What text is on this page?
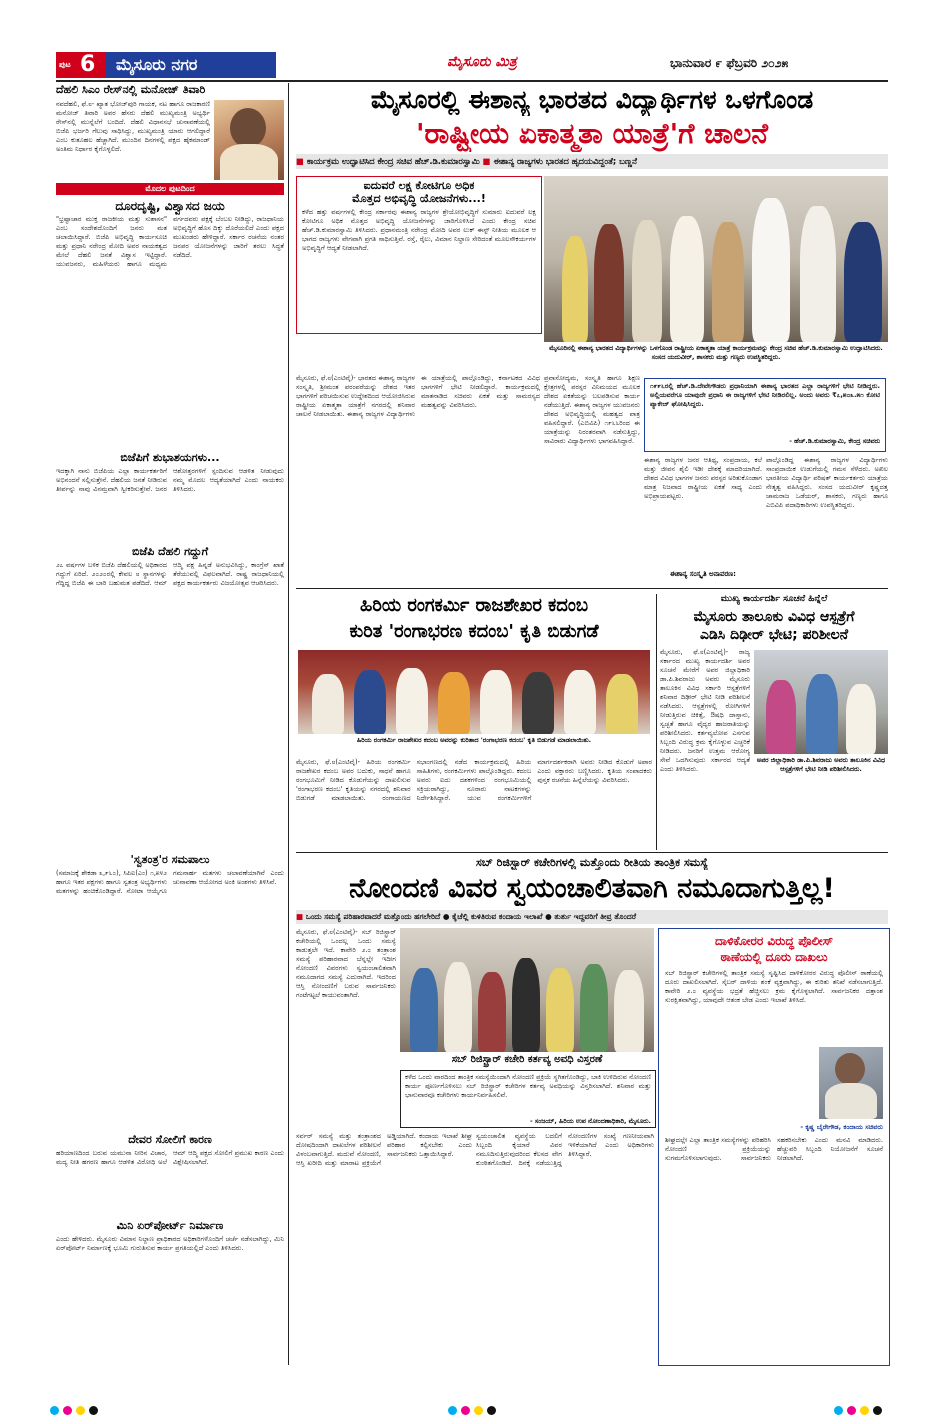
ಪುಟ 6 ಮೈಸೂರು ನಗರ	ಮೈಸೂರು ಮಿತ್ರ	ಭಾನುವಾರ ೯ ಫೆಬ್ರವರಿ ೨೦೨೫
ದೆಹಲಿ ಸಿಎಂ ರೇಸ್‌ನಲ್ಲಿ ಮನೋಜ್ ತಿವಾರಿ
ನವದೆಹಲಿ, ಫೆ.೮- ಖ್ಯಾತ ಭೋಜ್‌ಪುರಿ ಗಾಯಕ, ನಟ ಹಾಗೂ ರಾಜಕಾರಣಿ ಮನೋಜ್ ತಿವಾರಿ ಅವರ ಹೆಸರು ದೆಹಲಿ ಮುಖ್ಯಮಂತ್ರಿ ಅಭ್ಯರ್ಥಿ ರೇಸ್‌ನಲ್ಲಿ ಮುನ್ನೆಲೆಗೆ ಬಂದಿದೆ. ದೆಹಲಿ ವಿಧಾನಸಭೆ ಚುನಾವಣೆಯಲ್ಲಿ ಬಿಜೆಪಿ ಭರ್ಜರಿ ಗೆಲುವು ಸಾಧಿಸಿದ್ದು, ಮುಖ್ಯಮಂತ್ರಿ ಯಾರು ಆಗಲಿದ್ದಾರೆ ಎಂಬ ಕುತೂಹಲ ಹೆಚ್ಚಾಗಿದೆ. ಮುಂದಿನ ದಿನಗಳಲ್ಲಿ ಪಕ್ಷದ ಹೈಕಮಾಂಡ್ ಅಂತಿಮ ನಿರ್ಧಾರ ಕೈಗೊಳ್ಳಲಿದೆ.
ಮೊದಲ ಪುಟದಿಂದ
ದೂರದೃಷ್ಟಿ, ವಿಶ್ವಾಸದ ಜಯ
"ಭ್ರಷ್ಟಾಚಾರ ಮುಕ್ತ ರಾಜಕೀಯ ಮತ್ತು ಸುಶಾಸನ" ಎಂಬ ಸಂದೇಶದೊಂದಿಗೆ ಜನರು ಮತ ಚಲಾಯಿಸಿದ್ದಾರೆ. ಬಿಜೆಪಿ ಅಭಿವೃದ್ಧಿ ಕಾರ್ಯಸೂಚಿ ಮತ್ತು ಪ್ರಧಾನಿ ನರೇಂದ್ರ ಮೋದಿ ಅವರ ನಾಯಕತ್ವದ ಮೇಲೆ ದೆಹಲಿ ಜನತೆ ವಿಶ್ವಾಸ ಇಟ್ಟಿದ್ದಾರೆ. ಯುವಜನರು, ಮಹಿಳೆಯರು ಹಾಗೂ ಮಧ್ಯಮ ವರ್ಗದವರು ಪಕ್ಷಕ್ಕೆ ಬೆಂಬಲ ನೀಡಿದ್ದು, ರಾಜಧಾನಿಯ ಅಭಿವೃದ್ಧಿಗೆ ಹೊಸ ದಿಕ್ಕು ದೊರೆಯಲಿದೆ ಎಂದು ಪಕ್ಷದ ಮುಖಂಡರು ಹೇಳಿದ್ದಾರೆ. ಸರ್ಕಾರ ರಚನೆಯ ನಂತರ ಜನಪರ ಯೋಜನೆಗಳನ್ನು ಜಾರಿಗೆ ತರಲು ಸಿದ್ಧತೆ ನಡೆದಿದೆ.
ಬಿಜೆಪಿಗೆ ಶುಭಾಶಯಗಳು...
ಇದಕ್ಕಾಗಿ ನಾನು ಬಿಜೆಪಿಯ ಎಲ್ಲಾ ಕಾರ್ಯಕರ್ತರಿಗೆ ಅಭಿನಂದನೆ ಸಲ್ಲಿಸುತ್ತೇನೆ. ದೆಹಲಿಯ ಜನತೆ ನೀಡಿರುವ ತೀರ್ಪನ್ನು ನಾವು ವಿನಮ್ರವಾಗಿ ಸ್ವೀಕರಿಸುತ್ತೇವೆ. ಜನರ ಆಶೋತ್ತರಗಳಿಗೆ ಸ್ಪಂದಿಸುವ ಆಡಳಿತ ನೀಡುವುದು ನಮ್ಮ ಮೊದಲ ಆದ್ಯತೆಯಾಗಿದೆ ಎಂದು ನಾಯಕರು ತಿಳಿಸಿದರು.
ಬಿಜೆಪಿ ದೆಹಲಿ ಗದ್ದುಗೆ
೨೭ ವರ್ಷಗಳ ಬಳಿಕ ಬಿಜೆಪಿ ದೆಹಲಿಯಲ್ಲಿ ಅಧಿಕಾರದ ಗದ್ದುಗೆ ಏರಿದೆ. ೨೦೨೦ರಲ್ಲಿ ಕೇವಲ ೮ ಸ್ಥಾನಗಳನ್ನು ಗೆದ್ದಿದ್ದ ಬಿಜೆಪಿ ಈ ಬಾರಿ ಬಹುಮತ ಪಡೆದಿದೆ. ಆಮ್ ಆದ್ಮಿ ಪಕ್ಷ ಹಿನ್ನಡೆ ಅನುಭವಿಸಿದ್ದು, ಕಾಂಗ್ರೆಸ್ ಖಾತೆ ತೆರೆಯುವಲ್ಲಿ ವಿಫಲವಾಗಿದೆ. ರಾಷ್ಟ್ರ ರಾಜಧಾನಿಯಲ್ಲಿ ಪಕ್ಷದ ಕಾರ್ಯಕರ್ತರು ವಿಜಯೋತ್ಸವ ಆಚರಿಸಿದರು.
'ಸ್ವತಂತ್ರ'ರ ಸಮಪಾಲು
(ಸಮಾಜಕ್ಕೆ ಶೇಕಡಾ ೩,೯೬೦), ಸಿಪಿಐ(ಎಂ) ೧,೫೪೨ ಹಾಗೂ ಇತರ ಪಕ್ಷಗಳು ಹಾಗೂ ಸ್ವತಂತ್ರ ಅಭ್ಯರ್ಥಿಗಳು ಮತಗಳನ್ನು ಹಂಚಿಕೊಂಡಿದ್ದಾರೆ. ನೋಟಾ ಆಯ್ಕೆಗೂ ಗಮನಾರ್ಹ ಮತಗಳು ಚಲಾವಣೆಯಾಗಿವೆ ಎಂದು ಚುನಾವಣಾ ಆಯೋಗದ ಅಂಕಿ ಅಂಶಗಳು ತಿಳಿಸಿವೆ.
ದೇವರ ಸೋಲಿಗೆ ಕಾರಣ
ಹರಿಯಾಣದಿಂದ ಬರುವ ಯಮುನಾ ನೀರಿನ ವಿಚಾರ, ಮದ್ಯ ನೀತಿ ಹಗರಣ ಹಾಗೂ ಆಡಳಿತ ವಿರೋಧಿ ಅಲೆ ಆಮ್ ಆದ್ಮಿ ಪಕ್ಷದ ಸೋಲಿಗೆ ಪ್ರಮುಖ ಕಾರಣ ಎಂದು ವಿಶ್ಲೇಷಿಸಲಾಗಿದೆ.
ಮಿನಿ ಏರ್‌ಪೋರ್ಟ್ ನಿರ್ಮಾಣ
ಎಂದು ಹೇಳಿದರು. ಮೈಸೂರು ವಿಮಾನ ನಿಲ್ದಾಣ ಪ್ರಾಧಿಕಾರದ ಅಧಿಕಾರಿಗಳೊಂದಿಗೆ ಚರ್ಚೆ ನಡೆಸಲಾಗಿದ್ದು, ಮಿನಿ ಏರ್‌ಪೋರ್ಟ್ ನಿರ್ಮಾಣಕ್ಕೆ ಭೂಮಿ ಗುರುತಿಸುವ ಕಾರ್ಯ ಪ್ರಗತಿಯಲ್ಲಿದೆ ಎಂದು ತಿಳಿಸಿದರು.
ಮೈಸೂರಲ್ಲಿ ಈಶಾನ್ಯ ಭಾರತದ ವಿದ್ಯಾರ್ಥಿಗಳ ಒಳಗೊಂಡ
'ರಾಷ್ಟ್ರೀಯ ಏಕಾತ್ಮತಾ ಯಾತ್ರೆ'ಗೆ ಚಾಲನೆ
■ ಕಾರ್ಯಕ್ರಮ ಉದ್ಘಾಟಿಸಿದ ಕೇಂದ್ರ ಸಚಿವ ಹೆಚ್.ಡಿ.ಕುಮಾರಸ್ವಾಮಿ ■ ಈಶಾನ್ಯ ರಾಜ್ಯಗಳು ಭಾರತದ ಹೃದಯವಿದ್ದಂತೆ; ಬಣ್ಣನೆ
ಐದುವರೆ ಲಕ್ಷ ಕೋಟಿಗೂ ಅಧಿಕ
ಮೊತ್ತದ ಅಭಿವೃದ್ಧಿ ಯೋಜನೆಗಳು...!
ಕಳೆದ ಹತ್ತು ವರ್ಷಗಳಲ್ಲಿ ಕೇಂದ್ರ ಸರ್ಕಾರವು ಈಶಾನ್ಯ ರಾಜ್ಯಗಳ ಶ್ರೇಯೋಭಿವೃದ್ಧಿಗೆ ಸುಮಾರು ಐದುವರೆ ಲಕ್ಷ ಕೋಟಿಗೂ ಅಧಿಕ ಮೊತ್ತದ ಅಭಿವೃದ್ಧಿ ಯೋಜನೆಗಳನ್ನು ಜಾರಿಗೊಳಿಸಿದೆ ಎಂದು ಕೇಂದ್ರ ಸಚಿವ ಹೆಚ್.ಡಿ.ಕುಮಾರಸ್ವಾಮಿ ತಿಳಿಸಿದರು. ಪ್ರಧಾನಮಂತ್ರಿ ನರೇಂದ್ರ ಮೋದಿ ಅವರ ಲುಕ್ ಈಸ್ಟ್ ನೀತಿಯ ಮೂಲಕ ಆ ಭಾಗದ ರಾಜ್ಯಗಳು ವೇಗವಾಗಿ ಪ್ರಗತಿ ಸಾಧಿಸುತ್ತಿವೆ. ರಸ್ತೆ, ರೈಲು, ವಿಮಾನ ನಿಲ್ದಾಣ ಸೇರಿದಂತೆ ಮೂಲಸೌಕರ್ಯಗಳ ಅಭಿವೃದ್ಧಿಗೆ ಆದ್ಯತೆ ನೀಡಲಾಗಿದೆ.
ಮೈಸೂರಿನಲ್ಲಿ ಈಶಾನ್ಯ ಭಾರತದ ವಿದ್ಯಾರ್ಥಿಗಳನ್ನು ಒಳಗೊಂಡ ರಾಷ್ಟ್ರೀಯ ಏಕಾತ್ಮತಾ ಯಾತ್ರೆ ಕಾರ್ಯಕ್ರಮವನ್ನು ಕೇಂದ್ರ ಸಚಿವ ಹೆಚ್.ಡಿ.ಕುಮಾರಸ್ವಾಮಿ ಉದ್ಘಾಟಿಸಿದರು. ಸಂಸದ ಯದುವೀರ್, ಶಾಸಕರು ಮತ್ತು ಗಣ್ಯರು ಉಪಸ್ಥಿತರಿದ್ದರು.
ಮೈಸೂರು, ಫೆ.೮(ಎಂಟಿವೈ)- ಭಾರತದ ಈಶಾನ್ಯ ರಾಜ್ಯಗಳ ಸಂಸ್ಕೃತಿ, ಶ್ರೀಮಂತ ಪರಂಪರೆಯನ್ನು ದೇಶದ ಇತರ ಭಾಗಗಳಿಗೆ ಪರಿಚಯಿಸುವ ಉದ್ದೇಶದಿಂದ ಆಯೋಜಿಸಿರುವ ರಾಷ್ಟ್ರೀಯ ಏಕಾತ್ಮತಾ ಯಾತ್ರೆಗೆ ನಗರದಲ್ಲಿ ಶನಿವಾರ ಚಾಲನೆ ನೀಡಲಾಯಿತು. ಈಶಾನ್ಯ ರಾಜ್ಯಗಳ ವಿದ್ಯಾರ್ಥಿಗಳು ಈ ಯಾತ್ರೆಯಲ್ಲಿ ಪಾಲ್ಗೊಂಡಿದ್ದು, ಕರ್ನಾಟಕದ ವಿವಿಧ ಭಾಗಗಳಿಗೆ ಭೇಟಿ ನೀಡಲಿದ್ದಾರೆ. ಕಾರ್ಯಕ್ರಮದಲ್ಲಿ ಮಾತನಾಡಿದ ಸಚಿವರು ಏಕತೆ ಮತ್ತು ಸಾಮರಸ್ಯದ ಮಹತ್ವವನ್ನು ವಿವರಿಸಿದರು.
ಪ್ರವಾಸೋದ್ಯಮ, ಸಂಸ್ಕೃತಿ ಹಾಗೂ ಶಿಕ್ಷಣ ಕ್ಷೇತ್ರಗಳಲ್ಲಿ ಪರಸ್ಪರ ವಿನಿಮಯದ ಮೂಲಕ ದೇಶದ ಏಕತೆಯನ್ನು ಬಲಪಡಿಸುವ ಕಾರ್ಯ ನಡೆಯುತ್ತಿದೆ. ಈಶಾನ್ಯ ರಾಜ್ಯಗಳ ಯುವಜನರು ದೇಶದ ಅಭಿವೃದ್ಧಿಯಲ್ಲಿ ಮಹತ್ವದ ಪಾತ್ರ ವಹಿಸಲಿದ್ದಾರೆ. (ಎಬಿವಿಪಿ) ೧೯೬೬ರಿಂದ ಈ ಯಾತ್ರೆಯನ್ನು ನಿರಂತರವಾಗಿ ನಡೆಸುತ್ತಿದ್ದು, ಸಾವಿರಾರು ವಿದ್ಯಾರ್ಥಿಗಳು ಭಾಗವಹಿಸಿದ್ದಾರೆ.
೧೯೯೬ರಲ್ಲಿ ಹೆಚ್.ಡಿ.ದೇವೇಗೌಡರು ಪ್ರಧಾನಿಯಾಗಿ ಈಶಾನ್ಯ ಭಾರತದ ಎಲ್ಲಾ ರಾಜ್ಯಗಳಿಗೆ ಭೇಟಿ ನೀಡಿದ್ದರು. ಅಲ್ಲಿಯವರೆಗೂ ಯಾವುದೇ ಪ್ರಧಾನಿ ಈ ರಾಜ್ಯಗಳಿಗೆ ಭೇಟಿ ನೀಡಿರಲಿಲ್ಲ. ಅಂದು ಅವರು ₹೭,೫೦೩.೫೧ ಕೋಟಿ ಪ್ಯಾಕೇಜ್ ಘೋಷಿಸಿದ್ದರು.
- ಹೆಚ್.ಡಿ.ಕುಮಾರಸ್ವಾಮಿ, ಕೇಂದ್ರ ಸಚಿವರು
ಈಶಾನ್ಯ ರಾಜ್ಯಗಳ ಜನರ ಆತಿಥ್ಯ, ಸಂಪ್ರದಾಯ, ಕಲೆ ಮತ್ತು ಜೀವನ ಶೈಲಿ ಇಡೀ ದೇಶಕ್ಕೆ ಮಾದರಿಯಾಗಿದೆ. ದೇಶದ ವಿವಿಧ ಭಾಗಗಳ ಜನರು ಪರಸ್ಪರ ಅರಿತುಕೊಂಡಾಗ ಮಾತ್ರ ನಿಜವಾದ ರಾಷ್ಟ್ರೀಯ ಏಕತೆ ಸಾಧ್ಯ ಎಂದು ಅಭಿಪ್ರಾಯಪಟ್ಟರು.
ಈಶಾನ್ಯ ಸಂಸ್ಕೃತಿ ಅನಾವರಣ:
ಪಾಲ್ಗೊಂಡಿದ್ದ ಈಶಾನ್ಯ ರಾಜ್ಯಗಳ ವಿದ್ಯಾರ್ಥಿಗಳು ಸಾಂಪ್ರದಾಯಿಕ ಉಡುಗೆಯಲ್ಲಿ ಗಮನ ಸೆಳೆದರು. ಅಖಿಲ ಭಾರತೀಯ ವಿದ್ಯಾರ್ಥಿ ಪರಿಷತ್ ಕಾರ್ಯಕರ್ತರು ಯಾತ್ರೆಯ ನೇತೃತ್ವ ವಹಿಸಿದ್ದರು. ಸಂಸದ ಯದುವೀರ್ ಕೃಷ್ಣದತ್ತ ಚಾಮರಾಜ ಒಡೆಯರ್, ಶಾಸಕರು, ಗಣ್ಯರು ಹಾಗೂ ಎಬಿವಿಪಿ ಪದಾಧಿಕಾರಿಗಳು ಉಪಸ್ಥಿತರಿದ್ದರು.
ಹಿರಿಯ ರಂಗಕರ್ಮಿ ರಾಜಶೇಖರ ಕದಂಬ
ಕುರಿತ 'ರಂಗಾಭರಣ ಕದಂಬ' ಕೃತಿ ಬಿಡುಗಡೆ
ಹಿರಿಯ ರಂಗಕರ್ಮಿ ರಾಜಶೇಖರ ಕದಂಬ ಅವರನ್ನು ಕುರಿತಾದ 'ರಂಗಾಭರಣ ಕದಂಬ' ಕೃತಿ ಬಿಡುಗಡೆ ಮಾಡಲಾಯಿತು.
ಮೈಸೂರು, ಫೆ.೮(ಎಂಟಿವೈ)- ಹಿರಿಯ ರಂಗಕರ್ಮಿ ರಾಜಶೇಖರ ಕದಂಬ ಅವರ ಬದುಕು, ಸಾಧನೆ ಹಾಗೂ ರಂಗಭೂಮಿಗೆ ನೀಡಿದ ಕೊಡುಗೆಯನ್ನು ದಾಖಲಿಸುವ 'ರಂಗಾಭರಣ ಕದಂಬ' ಕೃತಿಯನ್ನು ನಗರದಲ್ಲಿ ಶನಿವಾರ ಬಿಡುಗಡೆ ಮಾಡಲಾಯಿತು. ರಂಗಾಯಣದ ಸಭಾಂಗಣದಲ್ಲಿ ನಡೆದ ಕಾರ್ಯಕ್ರಮದಲ್ಲಿ ಹಿರಿಯ ಸಾಹಿತಿಗಳು, ರಂಗಕರ್ಮಿಗಳು ಪಾಲ್ಗೊಂಡಿದ್ದರು. ಕದಂಬ ಅವರು ಐದು ದಶಕಗಳಿಂದ ರಂಗಭೂಮಿಯಲ್ಲಿ ಸಕ್ರಿಯರಾಗಿದ್ದು, ನೂರಾರು ನಾಟಕಗಳನ್ನು ನಿರ್ದೇಶಿಸಿದ್ದಾರೆ. ಯುವ ರಂಗಕರ್ಮಿಗಳಿಗೆ ಮಾರ್ಗದರ್ಶಕರಾಗಿ ಅವರು ನೀಡಿದ ಕೊಡುಗೆ ಅಪಾರ ಎಂದು ವಕ್ತಾರರು ಬಣ್ಣಿಸಿದರು. ಕೃತಿಯ ಸಂಪಾದಕರು ಪುಸ್ತಕ ರಚನೆಯ ಹಿನ್ನೆಲೆಯನ್ನು ವಿವರಿಸಿದರು.
ಮುಖ್ಯ ಕಾರ್ಯದರ್ಶಿ ಸೂಚನೆ ಹಿನ್ನೆಲೆ
ಮೈಸೂರು ತಾಲೂಕು ವಿವಿಧ ಆಸ್ಪತ್ರೆಗೆ
ಎಡಿಸಿ ದಿಢೀರ್ ಭೇಟಿ; ಪರಿಶೀಲನೆ
ಮೈಸೂರು, ಫೆ.೮(ಎಂಟಿವೈ)- ರಾಜ್ಯ ಸರ್ಕಾರದ ಮುಖ್ಯ ಕಾರ್ಯದರ್ಶಿ ಅವರ ಸೂಚನೆ ಮೇರೆಗೆ ಅಪರ ಜಿಲ್ಲಾಧಿಕಾರಿ ಡಾ.ಪಿ.ಶಿವರಾಜು ಅವರು ಮೈಸೂರು ತಾಲೂಕಿನ ವಿವಿಧ ಸರ್ಕಾರಿ ಆಸ್ಪತ್ರೆಗಳಿಗೆ ಶನಿವಾರ ದಿಢೀರ್ ಭೇಟಿ ನೀಡಿ ಪರಿಶೀಲನೆ ನಡೆಸಿದರು. ಆಸ್ಪತ್ರೆಗಳಲ್ಲಿ ರೋಗಿಗಳಿಗೆ ನೀಡುತ್ತಿರುವ ಚಿಕಿತ್ಸೆ, ಔಷಧಿ ದಾಸ್ತಾನು, ಸ್ವಚ್ಛತೆ ಹಾಗೂ ವೈದ್ಯರ ಹಾಜರಾತಿಯನ್ನು ಪರಿಶೀಲಿಸಿದರು. ಕರ್ತವ್ಯಲೋಪ ಎಸಗುವ ಸಿಬ್ಬಂದಿ ವಿರುದ್ಧ ಕ್ರಮ ಕೈಗೊಳ್ಳುವ ಎಚ್ಚರಿಕೆ ನೀಡಿದರು. ಜನರಿಗೆ ಉತ್ತಮ ಆರೋಗ್ಯ ಸೇವೆ ಒದಗಿಸುವುದು ಸರ್ಕಾರದ ಆದ್ಯತೆ ಎಂದು ತಿಳಿಸಿದರು.
ಅಪರ ಜಿಲ್ಲಾಧಿಕಾರಿ ಡಾ.ಪಿ.ಶಿವರಾಜು ಅವರು ತಾಲೂಕಿನ ವಿವಿಧ ಆಸ್ಪತ್ರೆಗಳಿಗೆ ಭೇಟಿ ನೀಡಿ ಪರಿಶೀಲಿಸಿದರು.
ಸಬ್ ರಿಜಿಸ್ಟ್ರಾರ್ ಕಚೇರಿಗಳಲ್ಲಿ ಮತ್ತೊಂದು ರೀತಿಯ ತಾಂತ್ರಿಕ ಸಮಸ್ಯೆ
ನೋಂದಣಿ ವಿವರ ಸ್ವಯಂಚಾಲಿತವಾಗಿ ನಮೂದಾಗುತ್ತಿಲ್ಲ!
■ ಒಂದು ಸಮಸ್ಯೆ ಪರಿಹಾರವಾದರೆ ಮತ್ತೊಂದು ಹಗಲೇರಿದೆ ● ಕೈಚೆಲ್ಲಿ ಕುಳಿತಿರುವ ಕಂದಾಯ ಇಲಾಖೆ ● ತುರ್ತು ಇದ್ದವರಿಗೆ ತೀವ್ರ ತೊಂದರೆ
ಮೈಸೂರು, ಫೆ.೮(ಎಂಟಿವೈ)- ಸಬ್ ರಿಜಿಸ್ಟ್ರಾರ್ ಕಚೇರಿಯಲ್ಲಿ ಒಂದಲ್ಲ ಒಂದು ಸಮಸ್ಯೆ ಕಾಡುತ್ತಲೇ ಇದೆ. ಕಾವೇರಿ ೨.೦ ತಂತ್ರಾಂಶ ಸಮಸ್ಯೆ ಪರಿಹಾರವಾದ ಬೆನ್ನಲ್ಲೇ ಇದೀಗ ನೋಂದಣಿ ವಿವರಗಳು ಸ್ವಯಂಚಾಲಿತವಾಗಿ ನಮೂದಾಗದ ಸಮಸ್ಯೆ ಎದುರಾಗಿದೆ. ಇದರಿಂದ ಆಸ್ತಿ ನೋಂದಣಿಗೆ ಬರುವ ಸಾರ್ವಜನಿಕರು ಗಂಟೆಗಟ್ಟಲೆ ಕಾಯುವಂತಾಗಿದೆ.
ಸಬ್ ರಿಜಿಸ್ಟ್ರಾರ್ ಕಚೇರಿ ಕರ್ತವ್ಯ ಅವಧಿ ವಿಸ್ತರಣೆ
ಕಳೆದ ಒಂದು ವಾರದಿಂದ ತಾಂತ್ರಿಕ ಸಮಸ್ಯೆಯಿಂದಾಗಿ ನೋಂದಣಿ ಪ್ರಕ್ರಿಯೆ ಸ್ಥಗಿತಗೊಂಡಿದ್ದು, ಬಾಕಿ ಉಳಿದಿರುವ ನೋಂದಣಿ ಕಾರ್ಯ ಪೂರ್ಣಗೊಳಿಸಲು ಸಬ್ ರಿಜಿಸ್ಟ್ರಾರ್ ಕಚೇರಿಗಳ ಕರ್ತವ್ಯ ಅವಧಿಯನ್ನು ವಿಸ್ತರಿಸಲಾಗಿದೆ. ಶನಿವಾರ ಮತ್ತು ಭಾನುವಾರವೂ ಕಚೇರಿಗಳು ಕಾರ್ಯನಿರ್ವಹಿಸಲಿವೆ.
- ಸಂಜಯ್, ಹಿರಿಯ ಉಪ ನೋಂದಣಾಧಿಕಾರಿ, ಮೈಸೂರು.
ಸರ್ವರ್ ಸಮಸ್ಯೆ ಮತ್ತು ತಂತ್ರಾಂಶದ ದೋಷದಿಂದಾಗಿ ದಾಖಲೆಗಳ ಪರಿಶೀಲನೆ ವಿಳಂಬವಾಗುತ್ತಿದೆ. ಮದುವೆ ನೋಂದಣಿ, ಆಸ್ತಿ ಖರೀದಿ ಮತ್ತು ಮಾರಾಟ ಪ್ರಕ್ರಿಯೆಗೆ ಅಡ್ಡಿಯಾಗಿದೆ. ಕಂದಾಯ ಇಲಾಖೆ ಶೀಘ್ರ ಪರಿಹಾರ ಕಲ್ಪಿಸಬೇಕು ಎಂದು ಸಾರ್ವಜನಿಕರು ಒತ್ತಾಯಿಸಿದ್ದಾರೆ.
ಸ್ವಯಂಚಾಲಿತ ವ್ಯವಸ್ಥೆಯ ಬದಲಿಗೆ ಸಿಬ್ಬಂದಿ ಕೈಯಾರೆ ವಿವರ ನಮೂದಿಸುತ್ತಿರುವುದರಿಂದ ಕೆಲಸದ ವೇಗ ಕುಂಠಿತಗೊಂಡಿದೆ. ದಿನಕ್ಕೆ ನಡೆಯುತ್ತಿದ್ದ ನೋಂದಣಿಗಳ ಸಂಖ್ಯೆ ಗಣನೀಯವಾಗಿ ಇಳಿಕೆಯಾಗಿದೆ ಎಂದು ಅಧಿಕಾರಿಗಳು ತಿಳಿಸಿದ್ದಾರೆ.
ದಾಳಿಕೋರರ ವಿರುದ್ಧ ಪೊಲೀಸ್
ಠಾಣೆಯಲ್ಲಿ ದೂರು ದಾಖಲು
ಸಬ್ ರಿಜಿಸ್ಟ್ರಾರ್ ಕಚೇರಿಗಳಲ್ಲಿ ತಾಂತ್ರಿಕ ಸಮಸ್ಯೆ ಸೃಷ್ಟಿಸಿದ ದಾಳಿಕೋರರ ವಿರುದ್ಧ ಪೊಲೀಸ್ ಠಾಣೆಯಲ್ಲಿ ದೂರು ದಾಖಲಿಸಲಾಗಿದೆ. ಸೈಬರ್ ದಾಳಿಯ ಶಂಕೆ ವ್ಯಕ್ತವಾಗಿದ್ದು, ಈ ಕುರಿತು ತನಿಖೆ ನಡೆಸಲಾಗುತ್ತಿದೆ. ಕಾವೇರಿ ೨.೦ ವ್ಯವಸ್ಥೆಯ ಭದ್ರತೆ ಹೆಚ್ಚಿಸಲು ಕ್ರಮ ಕೈಗೊಳ್ಳಲಾಗಿದೆ. ಸಾರ್ವಜನಿಕರ ದತ್ತಾಂಶ ಸುರಕ್ಷಿತವಾಗಿದ್ದು, ಯಾವುದೇ ಆತಂಕ ಬೇಡ ಎಂದು ಇಲಾಖೆ ತಿಳಿಸಿದೆ.
- ಕೃಷ್ಣ ಬೈರೇಗೌಡ, ಕಂದಾಯ ಸಚಿವರು
ಶೀಘ್ರದಲ್ಲೇ ಎಲ್ಲಾ ತಾಂತ್ರಿಕ ಸಮಸ್ಯೆಗಳನ್ನು ಪರಿಹರಿಸಿ ನೋಂದಣಿ ಪ್ರಕ್ರಿಯೆಯನ್ನು ಸುಗಮಗೊಳಿಸಲಾಗುವುದು. ಸಾರ್ವಜನಿಕರು ಸಹಕರಿಸಬೇಕು ಎಂದು ಮನವಿ ಮಾಡಿದರು. ಹೆಚ್ಚುವರಿ ಸಿಬ್ಬಂದಿ ನಿಯೋಜನೆಗೆ ಸೂಚನೆ ನೀಡಲಾಗಿದೆ.
